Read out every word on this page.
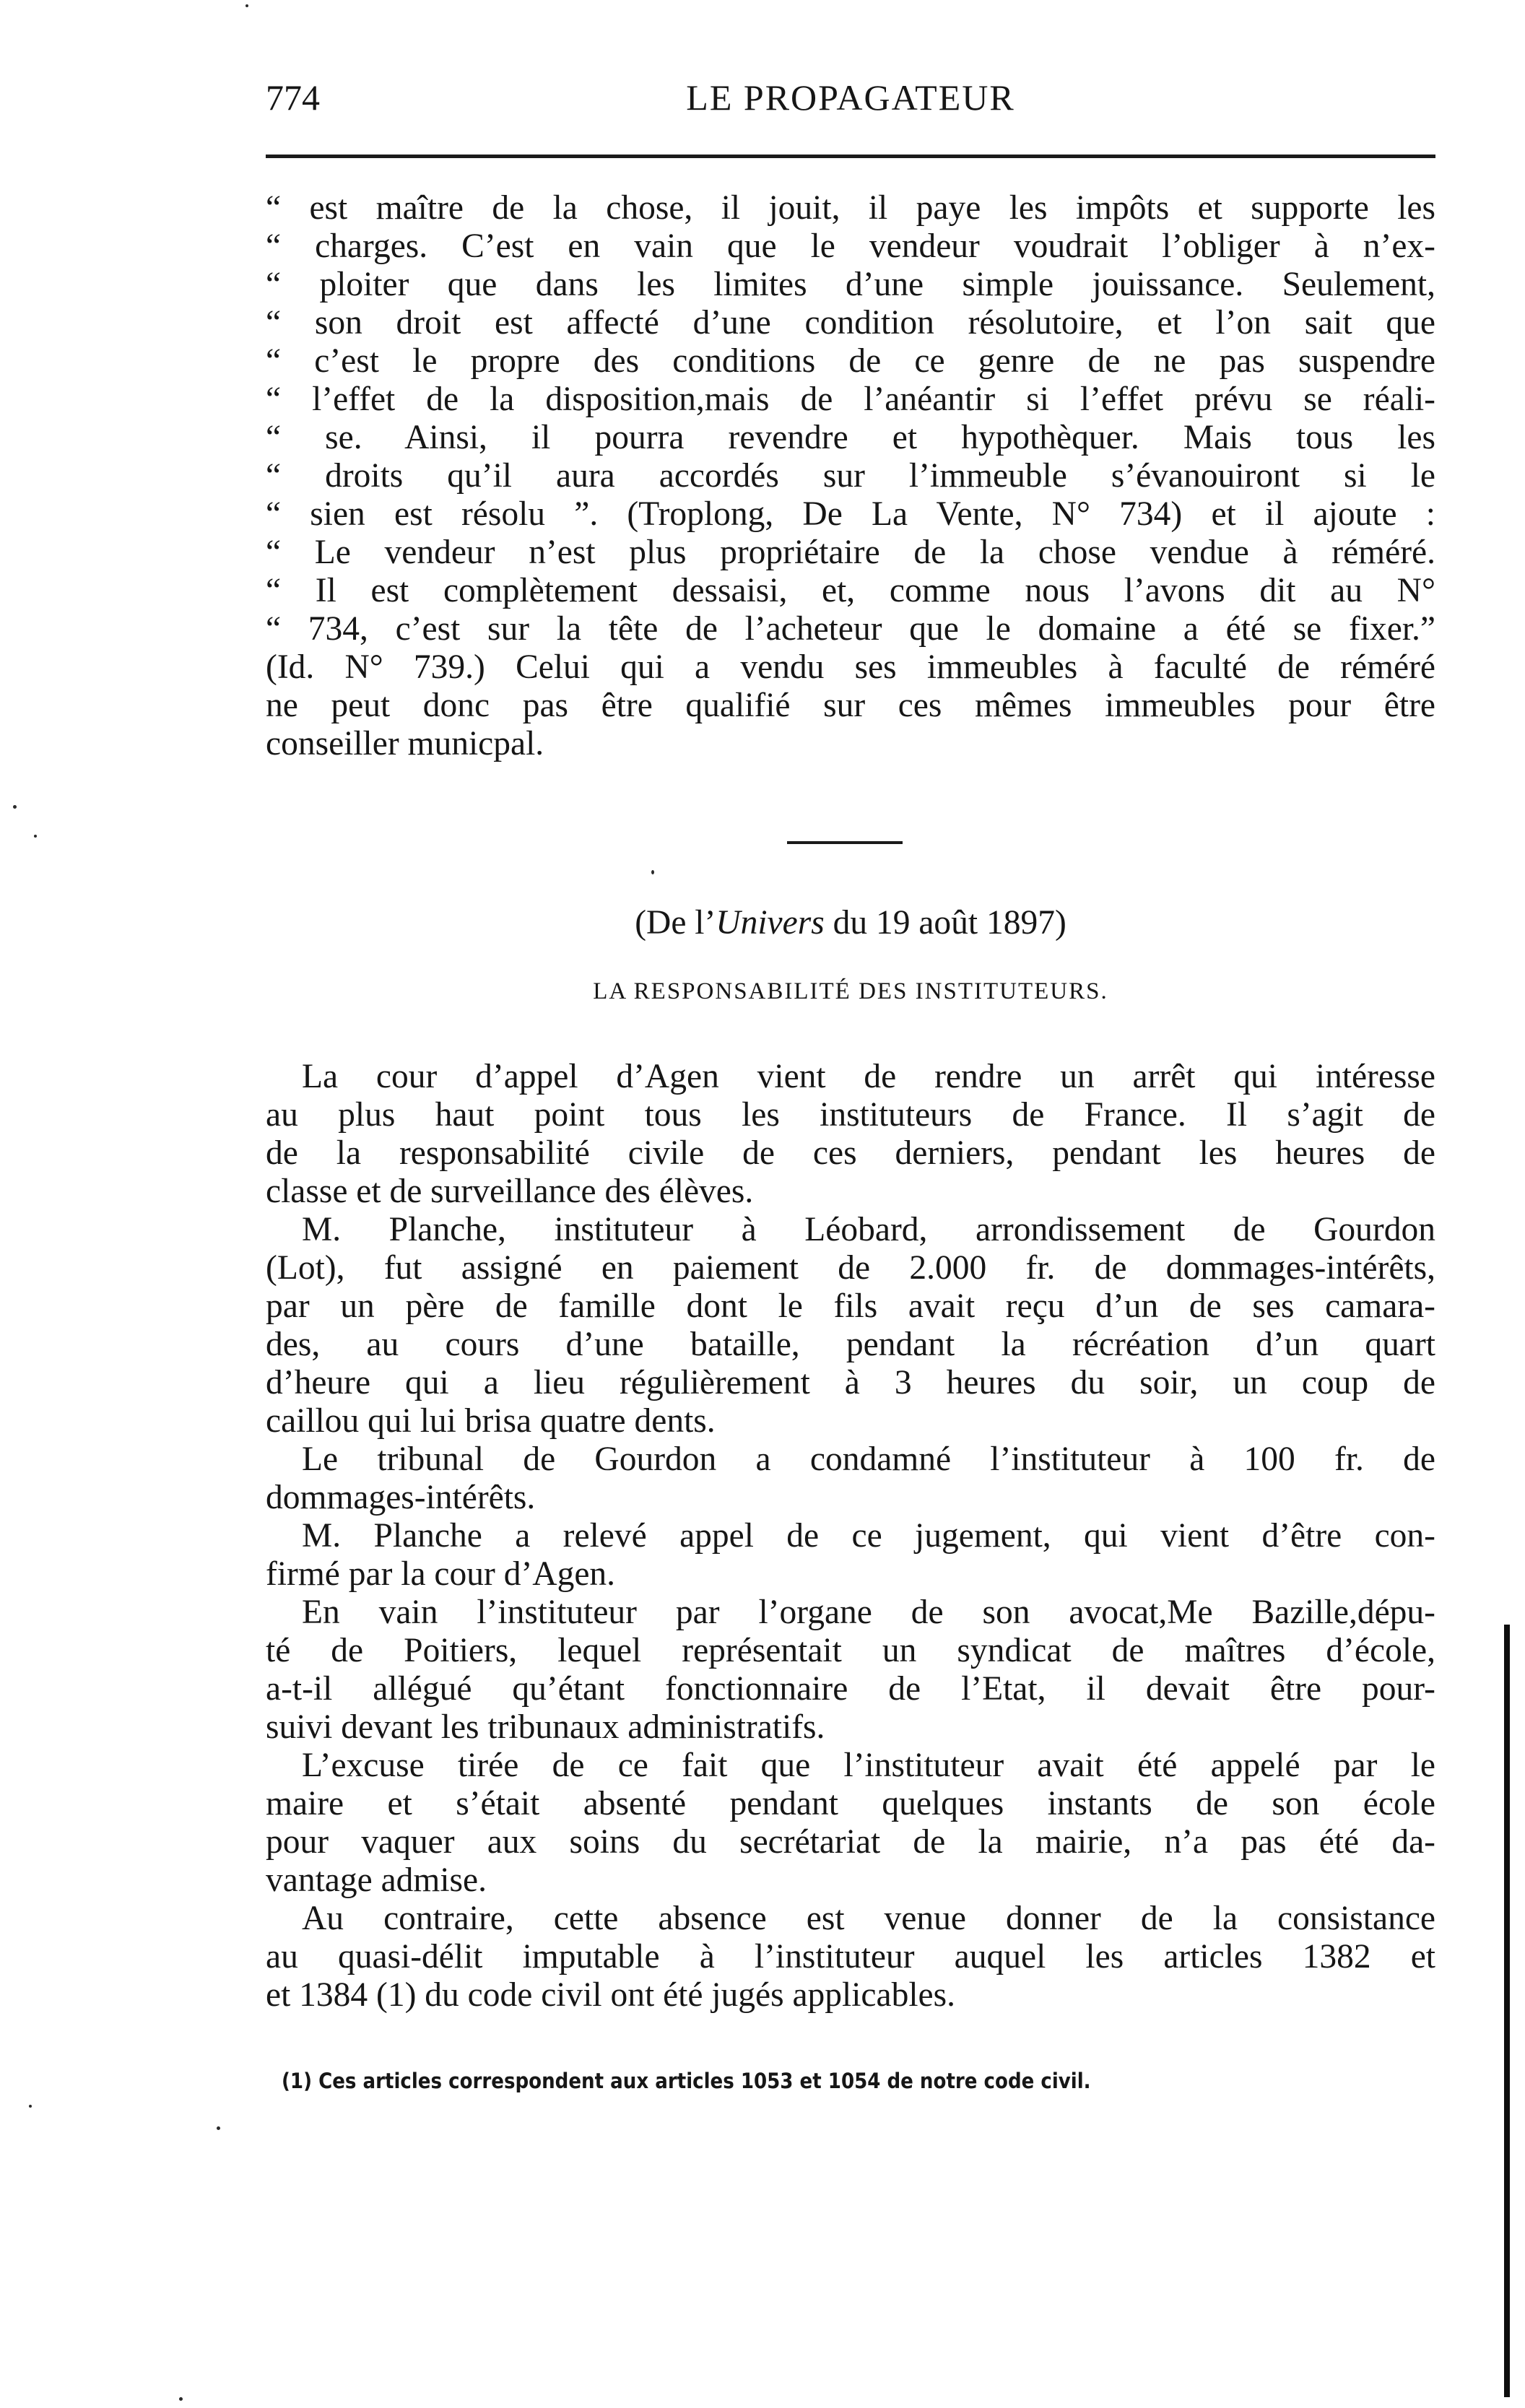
774	LE PROPAGATEUR
“ est maître de la chose, il jouit, il paye les impôts et supporte les
“ charges. C’est en vain que le vendeur voudrait l’obliger à n’ex-
“ ploiter que dans les limites d’une simple jouissance. Seulement,
“ son droit est affecté d’une condition résolutoire, et l’on sait que
“ c’est le propre des conditions de ce genre de ne pas suspendre
“ l’effet de la disposition,mais de l’anéantir si l’effet prévu se réali-
“ se. Ainsi, il pourra revendre et hypothèquer. Mais tous les
“ droits qu’il aura accordés sur l’immeuble s’évanouiront si le
“ sien est résolu ”. (Troplong, De La Vente, N° 734) et il ajoute :
“ Le vendeur n’est plus propriétaire de la chose vendue à réméré.
“ Il est complètement dessaisi, et, comme nous l’avons dit au N°
“ 734, c’est sur la tête de l’acheteur que le domaine a été se fixer.”
(Id. N° 739.) Celui qui a vendu ses immeubles à faculté de réméré
ne peut donc pas être qualifié sur ces mêmes immeubles pour être
conseiller municpal.
(De l’Univers du 19 août 1897)
LA RESPONSABILITÉ DES INSTITUTEURS.
La cour d’appel d’Agen vient de rendre un arrêt qui intéresse
au plus haut point tous les instituteurs de France. Il s’agit de
de la responsabilité civile de ces derniers, pendant les heures de
classe et de surveillance des élèves.
M. Planche, instituteur à Léobard, arrondissement de Gourdon
(Lot), fut assigné en paiement de 2.000 fr. de dommages-intérêts,
par un père de famille dont le fils avait reçu d’un de ses camara-
des, au cours d’une bataille, pendant la récréation d’un quart
d’heure qui a lieu régulièrement à 3 heures du soir, un coup de
caillou qui lui brisa quatre dents.
Le tribunal de Gourdon a condamné l’instituteur à 100 fr. de
dommages-intérêts.
M. Planche a relevé appel de ce jugement, qui vient d’être con-
firmé par la cour d’Agen.
En vain l’instituteur par l’organe de son avocat,Me Bazille,dépu-
té de Poitiers, lequel représentait un syndicat de maîtres d’école,
a-t-il allégué qu’étant fonctionnaire de l’Etat, il devait être pour-
suivi devant les tribunaux administratifs.
L’excuse tirée de ce fait que l’instituteur avait été appelé par le
maire et s’était absenté pendant quelques instants de son école
pour vaquer aux soins du secrétariat de la mairie, n’a pas été da-
vantage admise.
Au contraire, cette absence est venue donner de la consistance
au quasi-délit imputable à l’instituteur auquel les articles 1382 et
et 1384 (1) du code civil ont été jugés applicables.
(1) Ces articles correspondent aux articles 1053 et 1054 de notre code civil.
